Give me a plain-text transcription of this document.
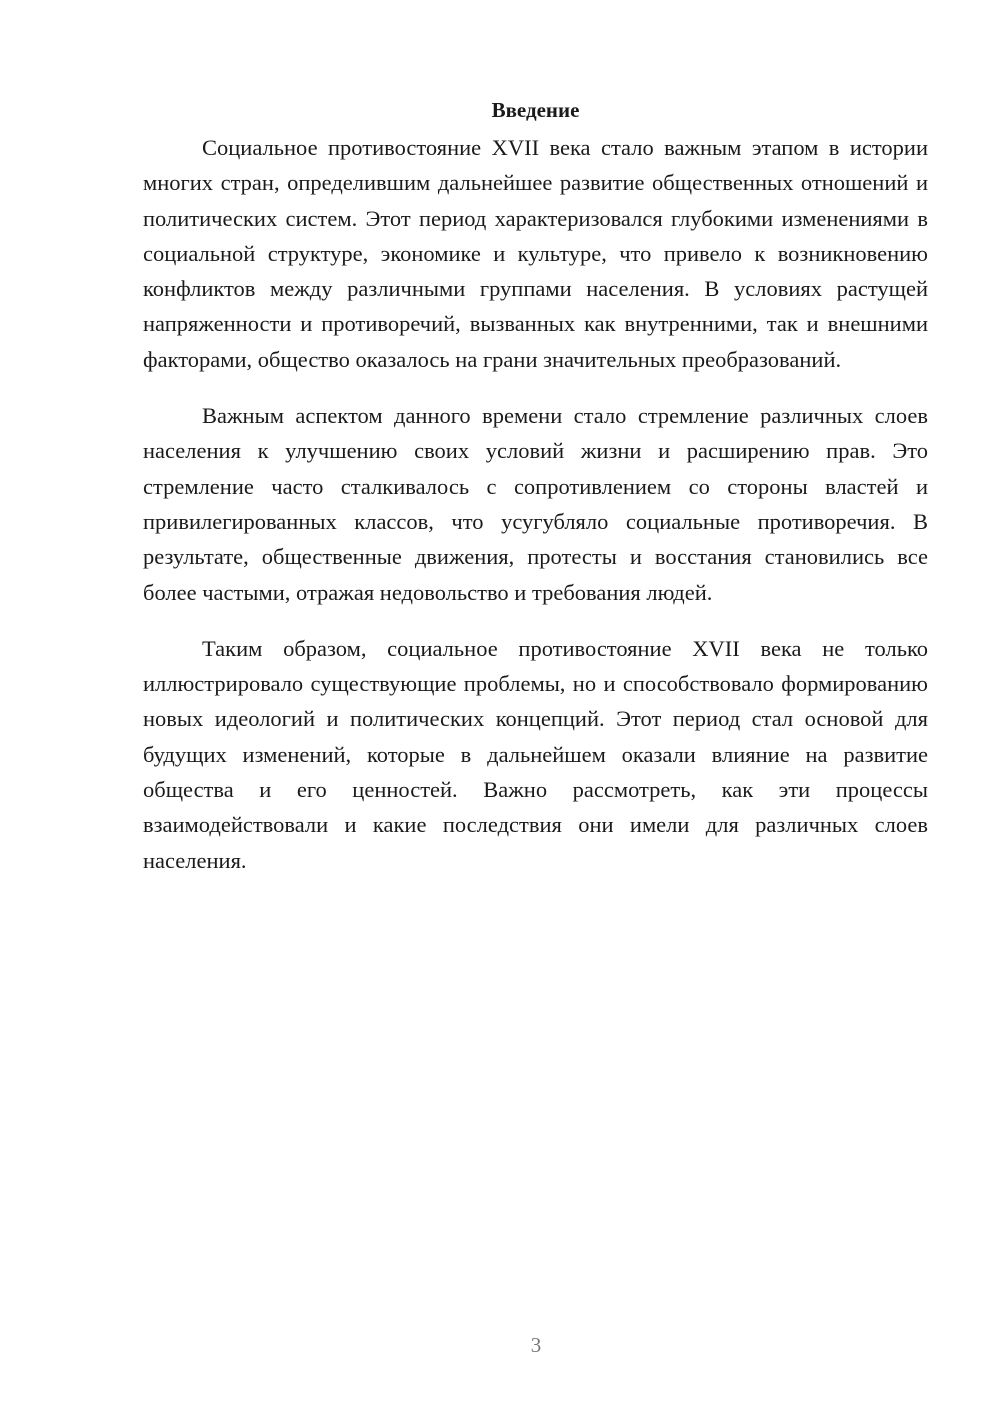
Введение

Социальное противостояние XVII века стало важным этапом в истории многих стран, определившим дальнейшее развитие общественных отношений и политических систем. Этот период характеризовался глубокими изменениями в социальной структуре, экономике и культуре, что привело к возникновению конфликтов между различными группами населения. В условиях растущей напряженности и противоречий, вызванных как внутренними, так и внешними факторами, общество оказалось на грани значительных преобразований.

Важным аспектом данного времени стало стремление различных слоев населения к улучшению своих условий жизни и расширению прав. Это стремление часто сталкивалось с сопротивлением со стороны властей и привилегированных классов, что усугубляло социальные противоречия. В результате, общественные движения, протесты и восстания становились все более частыми, отражая недовольство и требования людей.

Таким образом, социальное противостояние XVII века не только иллюстрировало существующие проблемы, но и способствовало формированию новых идеологий и политических концепций. Этот период стал основой для будущих изменений, которые в дальнейшем оказали влияние на развитие общества и его ценностей. Важно рассмотреть, как эти процессы взаимодействовали и какие последствия они имели для различных слоев населения.

3
